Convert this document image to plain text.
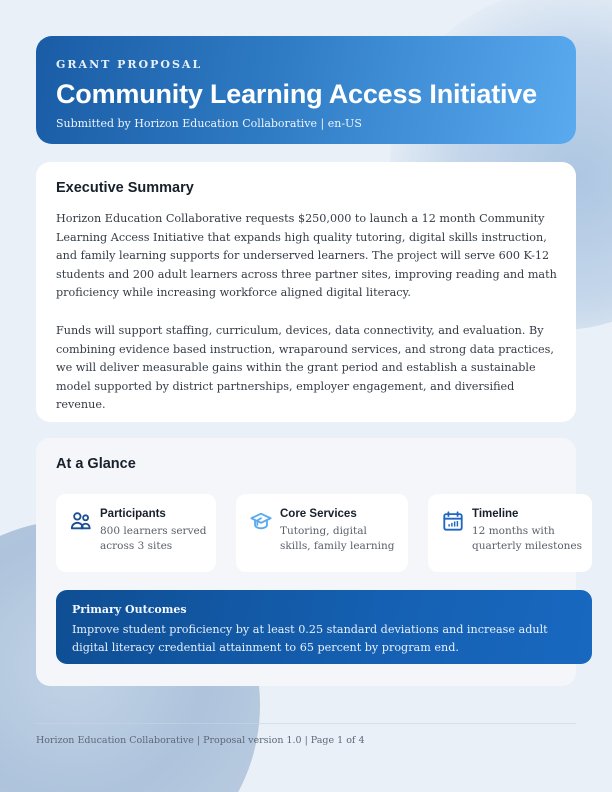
GRANT PROPOSAL
Community Learning Access Initiative
Submitted by Horizon Education Collaborative | en-US
Executive Summary

Horizon Education Collaborative requests $250,000 to launch a 12 month Community Learning Access Initiative that expands high quality tutoring, digital skills instruction, and family learning supports for underserved learners. The project will serve 600 K-12 students and 200 adult learners across three partner sites, improving reading and math proficiency while increasing workforce aligned digital literacy.

Funds will support staffing, curriculum, devices, data connectivity, and evaluation. By combining evidence based instruction, wraparound services, and strong data practices, we will deliver measurable gains within the grant period and establish a sustainable model supported by district partnerships, employer engagement, and diversified revenue.

At a Glance
Participants
800 learners served across 3 sites
Core Services
Tutoring, digital skills, family learning
Timeline
12 months with quarterly milestones
Primary Outcomes
Improve student proficiency by at least 0.25 standard deviations and increase adult digital literacy credential attainment to 65 percent by program end.
Horizon Education Collaborative | Proposal version 1.0 | Page 1 of 4
